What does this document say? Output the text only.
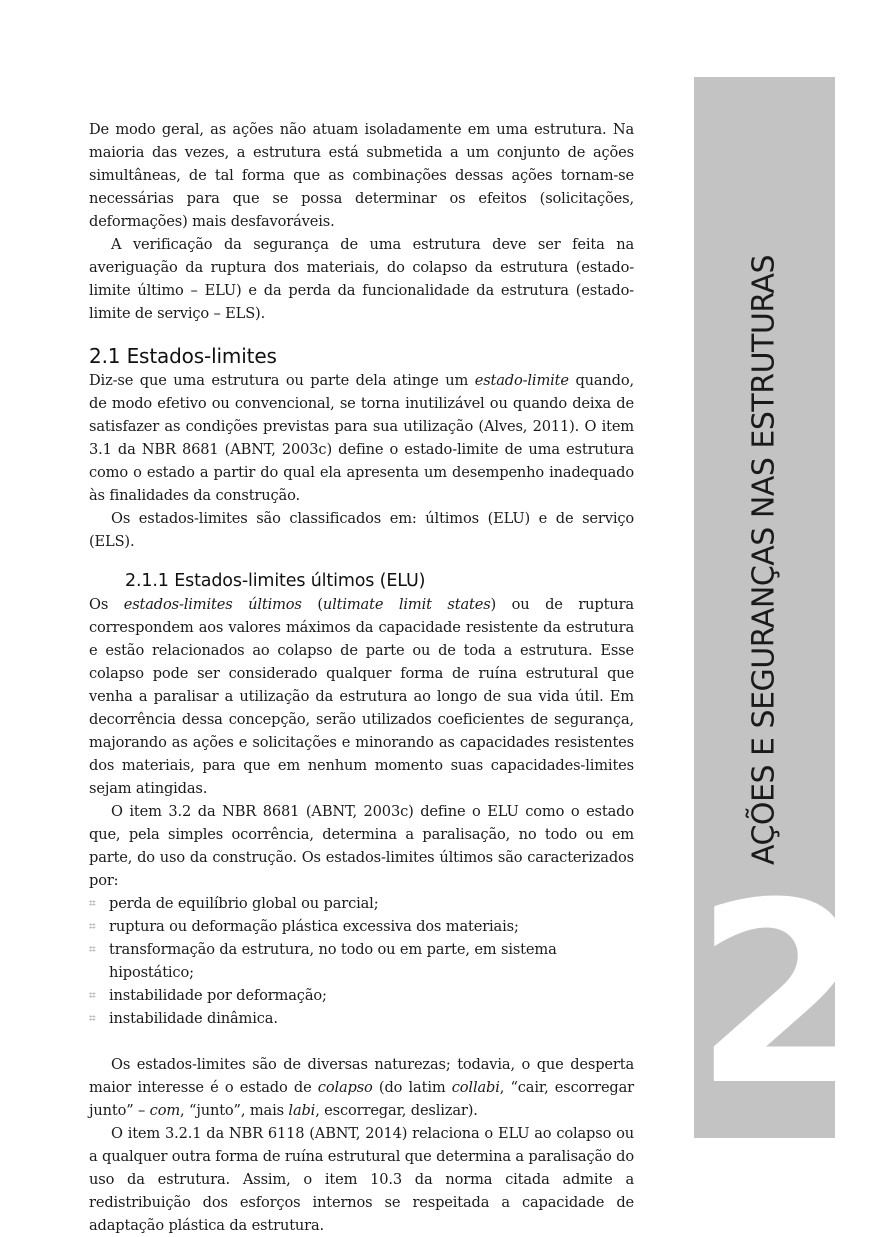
De modo geral, as ações não atuam isoladamente em uma estrutura. Na maioria das vezes, a estrutura está submetida a um conjunto de ações simultâneas, de tal forma que as combinações dessas ações tornam-se necessárias para que se possa determinar os efeitos (solicitações, deformações) mais desfavoráveis.

A verificação da segurança de uma estrutura deve ser feita na averiguação da ruptura dos materiais, do colapso da estrutura (estado-limite último – ELU) e da perda da funcionalidade da estrutura (estado-limite de serviço – ELS).

2.1 Estados-limites

Diz-se que uma estrutura ou parte dela atinge um estado-limite quando, de modo efetivo ou convencional, se torna inutilizável ou quando deixa de satisfazer as condições previstas para sua utilização (Alves, 2011). O item 3.1 da NBR 8681 (ABNT, 2003c) define o estado-limite de uma estrutura como o estado a partir do qual ela apresenta um desempenho inadequado às finalidades da construção.

Os estados-limites são classificados em: últimos (ELU) e de serviço (ELS).

2.1.1 Estados-limites últimos (ELU)

Os estados-limites últimos (ultimate limit states) ou de ruptura correspondem aos valores máximos da capacidade resistente da estrutura e estão relacionados ao colapso de parte ou de toda a estrutura. Esse colapso pode ser considerado qualquer forma de ruína estrutural que venha a paralisar a utilização da estrutura ao longo de sua vida útil. Em decorrência dessa concepção, serão utilizados coeficientes de segurança, majorando as ações e solicitações e minorando as capacidades resistentes dos materiais, para que em nenhum momento suas capacidades-limites sejam atingidas.

O item 3.2 da NBR 8681 (ABNT, 2003c) define o ELU como o estado que, pela simples ocorrência, determina a paralisação, no todo ou em parte, do uso da construção. Os estados-limites últimos são caracterizados por:

⌗ perda de equilíbrio global ou parcial;
⌗ ruptura ou deformação plástica excessiva dos materiais;
⌗ transformação da estrutura, no todo ou em parte, em sistema hipostático;
⌗ instabilidade por deformação;
⌗ instabilidade dinâmica.

Os estados-limites são de diversas naturezas; todavia, o que desperta maior interesse é o estado de colapso (do latim collabi, “cair, escorregar junto” – com, “junto”, mais labi, escorregar, deslizar).

O item 3.2.1 da NBR 6118 (ABNT, 2014) relaciona o ELU ao colapso ou a qualquer outra forma de ruína estrutural que determina a paralisação do uso da estrutura. Assim, o item 10.3 da norma citada admite a redistribuição dos esforços internos se respeitada a capacidade de adaptação plástica da estrutura.

AÇÕES E SEGURANÇAS NAS ESTRUTURAS
2
